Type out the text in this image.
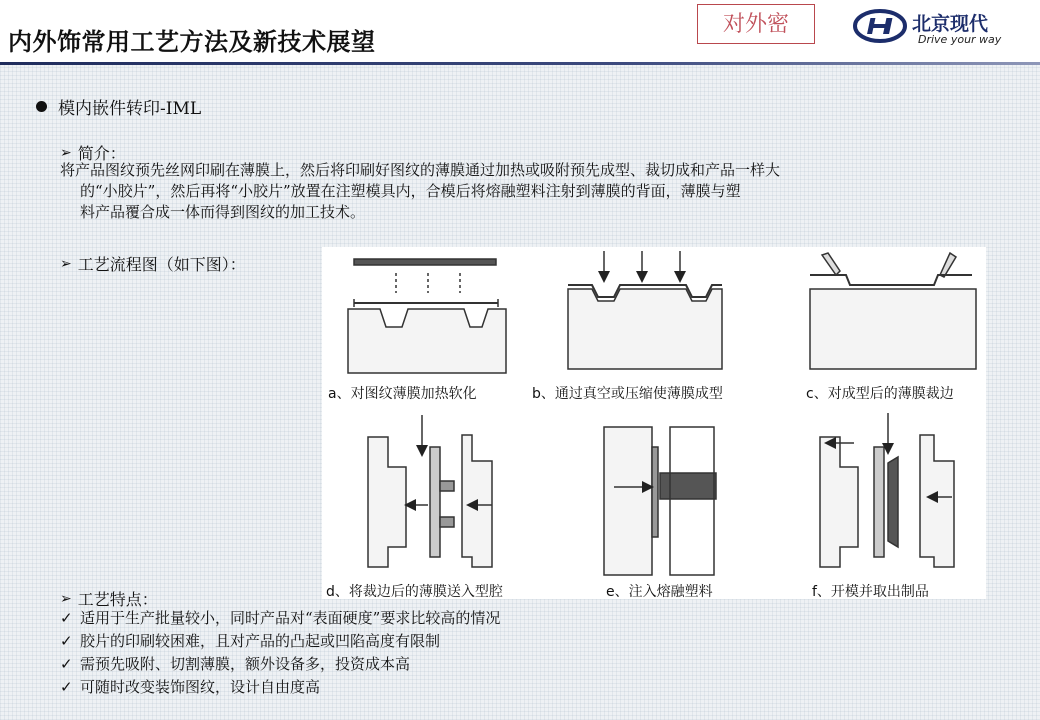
内外饰常用工艺方法及新技术展望
对外密	北京现代
Drive your way
模内嵌件转印-IML
➢ 简介：
将产品图纹预先丝网印刷在薄膜上，然后将印刷好图纹的薄膜通过加热或吸附预先成型、裁切成和产品一样大
的“小胶片”，然后再将“小胶片”放置在注塑模具内，合模后将熔融塑料注射到薄膜的背面，薄膜与塑
料产品覆合成一体而得到图纹的加工技术。
➢ 工艺流程图（如下图）：
a、对图纹薄膜加热软化	b、通过真空或压缩使薄膜成型	c、对成型后的薄膜裁边
d、将裁边后的薄膜送入型腔	e、注入熔融塑料	f、开模并取出制品
➢ 工艺特点：
✓ 适用于生产批量较小，同时产品对“表面硬度”要求比较高的情况
✓ 胶片的印刷较困难，且对产品的凸起或凹陷高度有限制
✓ 需预先吸附、切割薄膜，额外设备多，投资成本高
✓ 可随时改变装饰图纹，设计自由度高
